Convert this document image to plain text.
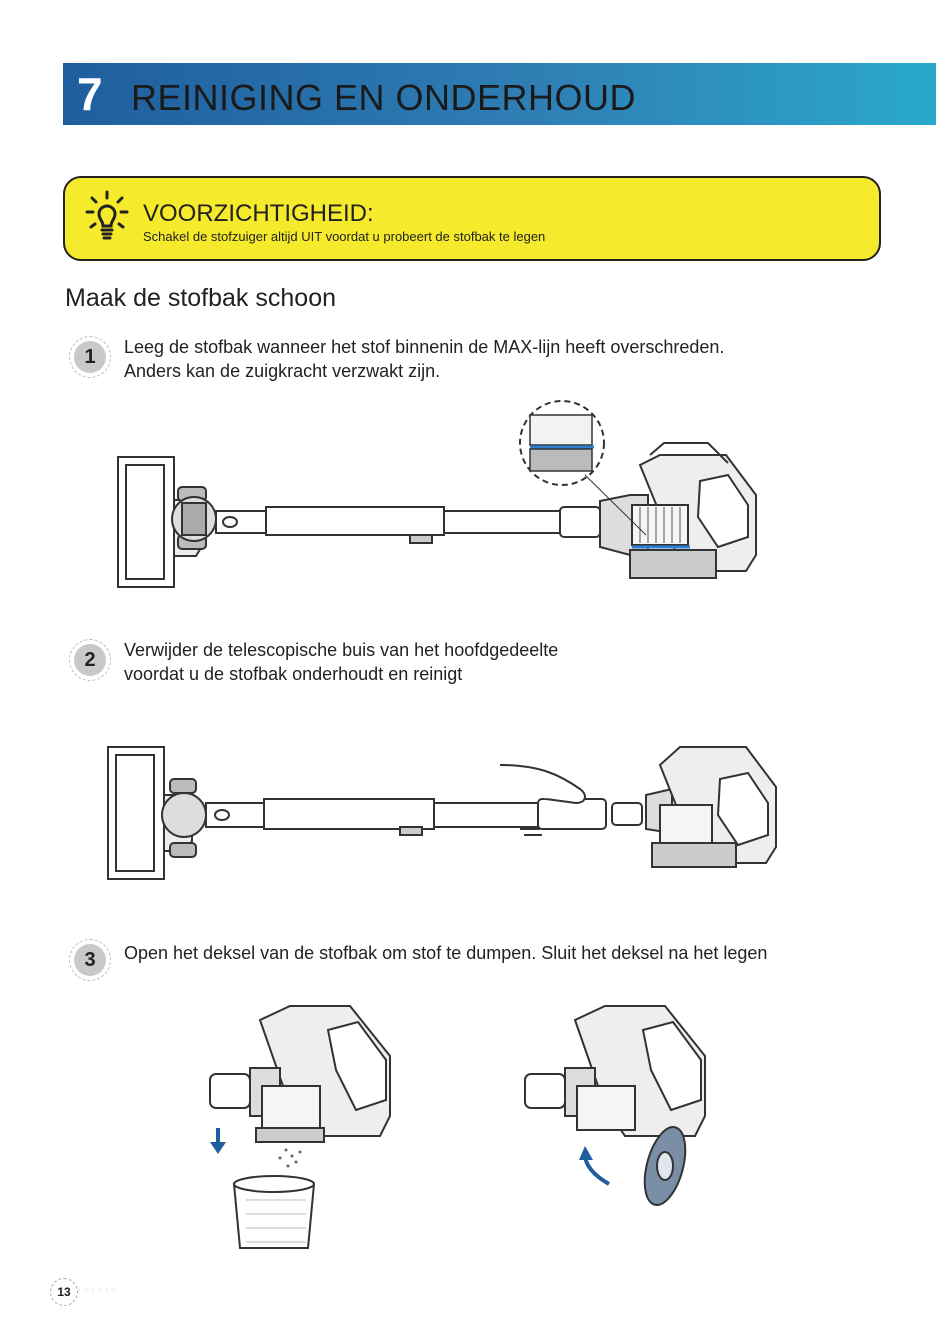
7 REINIGING EN ONDERHOUD
VOORZICHTIGHEID:
Schakel de stofzuiger altijd UIT voordat u probeert de stofbak te legen
Maak de stofbak schoon
1	Leeg de stofbak wanneer het stof binnenin de MAX-lijn heeft overschreden.
Anders kan de zuigkracht verzwakt zijn.
2	Verwijder de telescopische buis van het hoofdgedeelte
voordat u de stofbak onderhoudt en reinigt
3	Open het deksel van de stofbak om stof te dumpen. Sluit het deksel na het legen
13 · · · · · ·
